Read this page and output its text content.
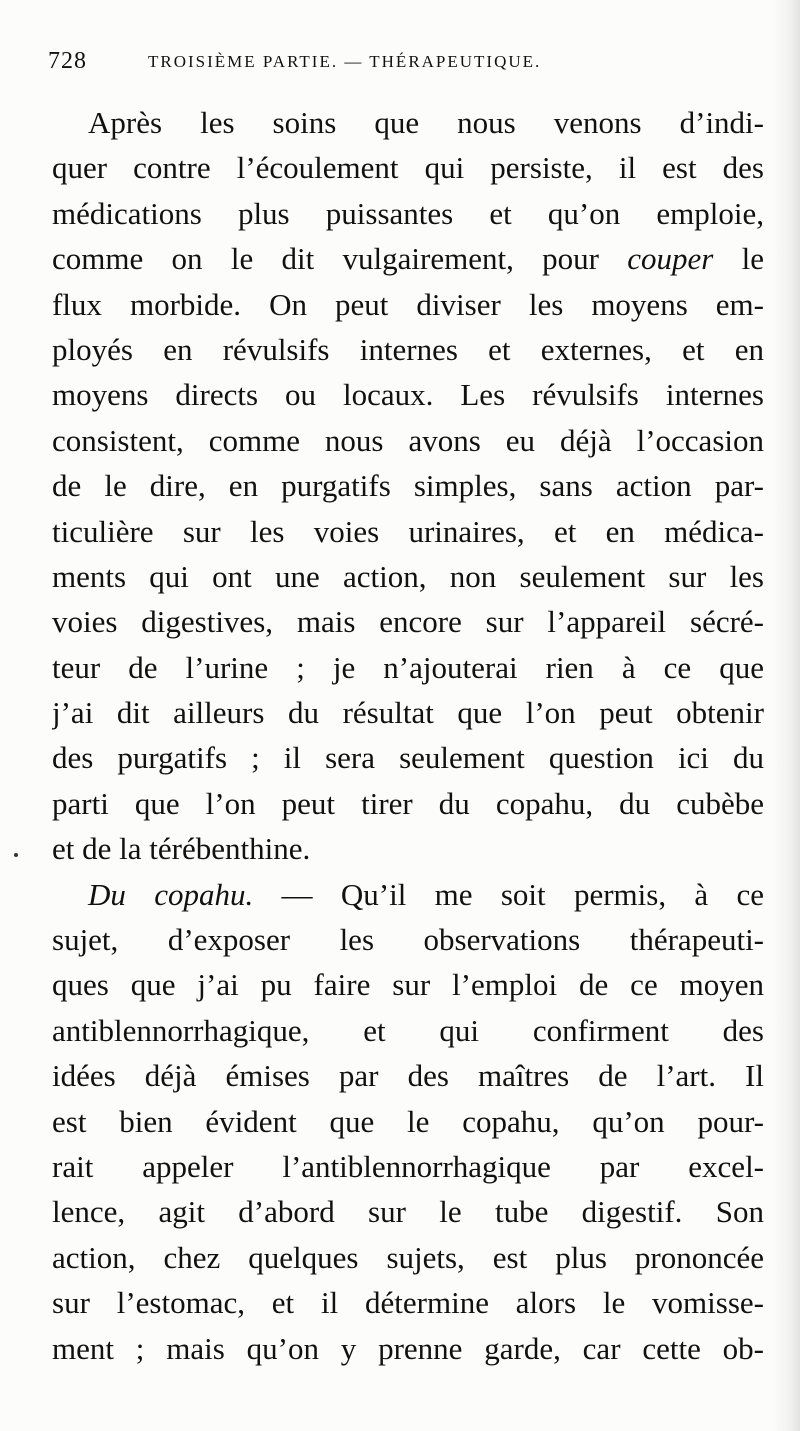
728	TROISIÈME PARTIE. — THÉRAPEUTIQUE.
Après les soins que nous venons d’indi-
quer contre l’écoulement qui persiste, il est des
médications plus puissantes et qu’on emploie,
comme on le dit vulgairement, pour couper le
flux morbide. On peut diviser les moyens em-
ployés en révulsifs internes et externes, et en
moyens directs ou locaux. Les révulsifs internes
consistent, comme nous avons eu déjà l’occasion
de le dire, en purgatifs simples, sans action par-
ticulière sur les voies urinaires, et en médica-
ments qui ont une action, non seulement sur les
voies digestives, mais encore sur l’appareil sécré-
teur de l’urine ; je n’ajouterai rien à ce que
j’ai dit ailleurs du résultat que l’on peut obtenir
des purgatifs ; il sera seulement question ici du
parti que l’on peut tirer du copahu, du cubèbe
et de la térébenthine.
Du copahu. — Qu’il me soit permis, à ce
sujet, d’exposer les observations thérapeuti-
ques que j’ai pu faire sur l’emploi de ce moyen
antiblennorrhagique, et qui confirment des
idées déjà émises par des maîtres de l’art. Il
est bien évident que le copahu, qu’on pour-
rait appeler l’antiblennorrhagique par excel-
lence, agit d’abord sur le tube digestif. Son
action, chez quelques sujets, est plus prononcée
sur l’estomac, et il détermine alors le vomisse-
ment ; mais qu’on y prenne garde, car cette ob-
